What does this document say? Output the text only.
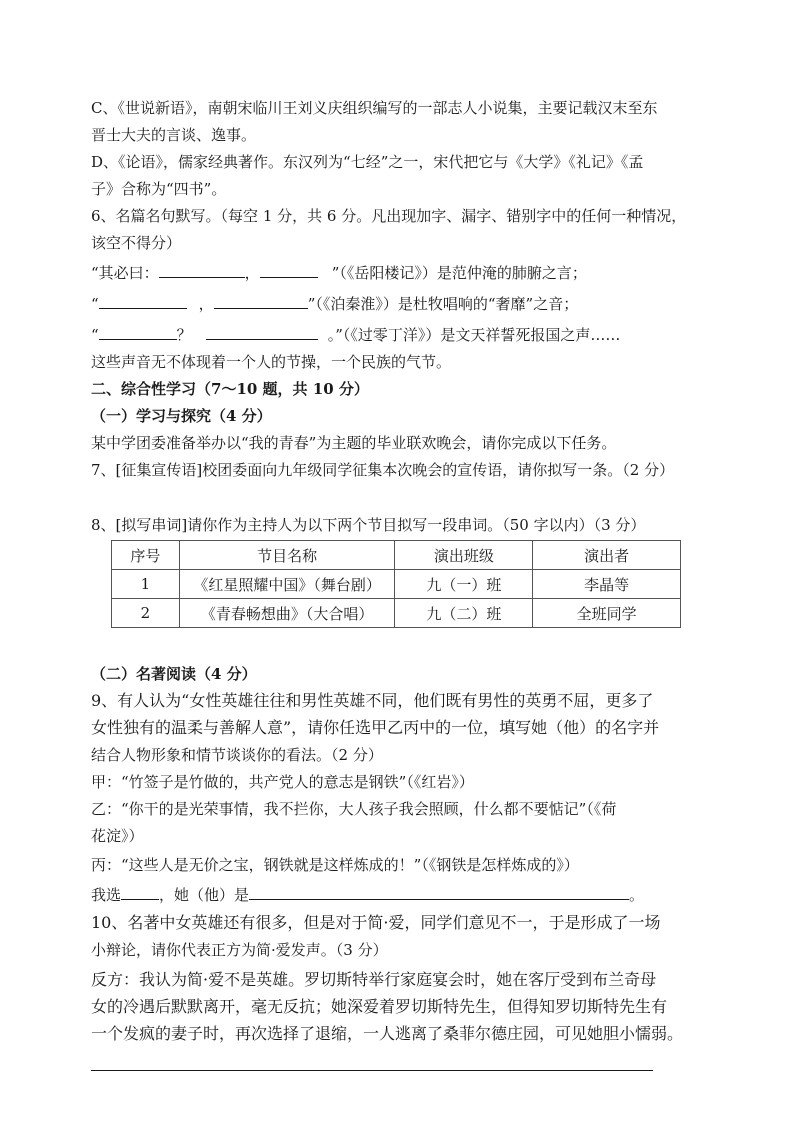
C、《世说新语》，南朝宋临川王刘义庆组织编写的一部志人小说集，主要记载汉末至东
晋士大夫的言谈、逸事。
D、《论语》，儒家经典著作。东汉列为“七经”之一，宋代把它与《大学》《礼记》《孟
子》合称为“四书”。
6、名篇名句默写。（每空 1 分，共 6 分。凡出现加字、漏字、错别字中的任何一种情况，
该空不得分）
“其必曰：	，	”（《岳阳楼记》）是范仲淹的肺腑之言；
“	，	”（《泊秦淮》）是杜牧唱响的“奢靡”之音；
“	？	。”（《过零丁洋》）是文天祥誓死报国之声……
这些声音无不体现着一个人的节操，一个民族的气节。
二、综合性学习（7～10 题，共 10 分）
（一）学习与探究（4 分）
某中学团委准备举办以“我的青春”为主题的毕业联欢晚会，请你完成以下任务。
7、[征集宣传语]校团委面向九年级同学征集本次晚会的宣传语，请你拟写一条。（2 分）
8、[拟写串词]请你作为主持人为以下两个节目拟写一段串词。（50 字以内）（3 分）
序号	节目名称	演出班级	演出者
1	《红星照耀中国》（舞台剧）	九（一）班	李晶等
2	《青春畅想曲》（大合唱）	九（二）班	全班同学
（二）名著阅读（4 分）
9、有人认为“女性英雄往往和男性英雄不同，他们既有男性的英勇不屈，更多了
女性独有的温柔与善解人意”，请你任选甲乙丙中的一位，填写她（他）的名字并
结合人物形象和情节谈谈你的看法。（2 分）
甲：“竹签子是竹做的，共产党人的意志是钢铁”（《红岩》）
乙：“你干的是光荣事情，我不拦你，大人孩子我会照顾，什么都不要惦记”（《荷
花淀》）
丙：“这些人是无价之宝，钢铁就是这样炼成的！”（《钢铁是怎样炼成的》）
我选	，她（他）是	。
10、名著中女英雄还有很多，但是对于简·爱，同学们意见不一，于是形成了一场
小辩论，请你代表正方为简·爱发声。（3 分）
反方：我认为简·爱不是英雄。罗切斯特举行家庭宴会时，她在客厅受到布兰奇母
女的冷遇后默默离开，毫无反抗；她深爱着罗切斯特先生，但得知罗切斯特先生有
一个发疯的妻子时，再次选择了退缩，一人逃离了桑菲尔德庄园，可见她胆小懦弱。
